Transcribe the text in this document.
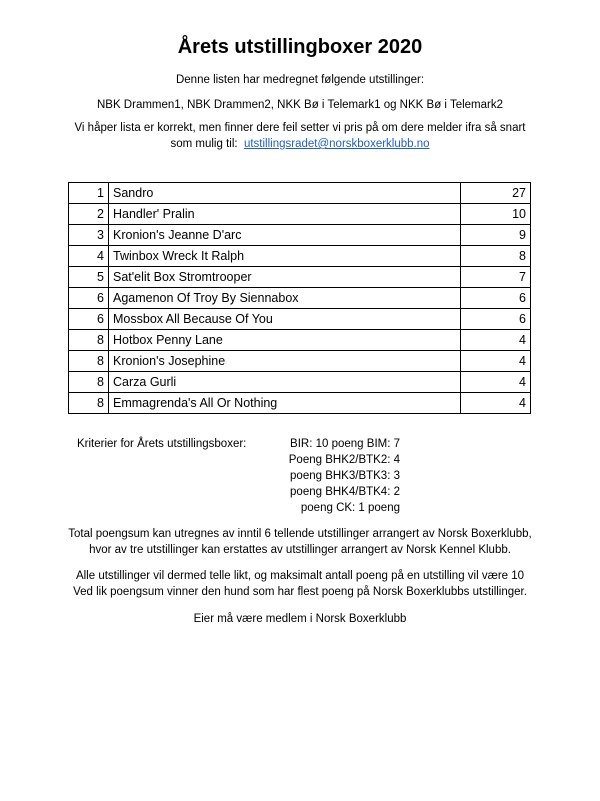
Årets utstillingboxer 2020
Denne listen har medregnet følgende utstillinger:
NBK Drammen1, NBK Drammen2, NKK Bø i Telemark1 og NKK Bø i Telemark2
Vi håper lista er korrekt, men finner dere feil setter vi pris på om dere melder ifra så snart
som mulig til: utstillingsradet@norskboxerklubb.no
1	Sandro	27
2	Handler' Pralin	10
3	Kronion's Jeanne D'arc	9
4	Twinbox Wreck It Ralph	8
5	Sat'elit Box Stromtrooper	7
6	Agamenon Of Troy By Siennabox	6
6	Mossbox All Because Of You	6
8	Hotbox Penny Lane	4
8	Kronion's Josephine	4
8	Carza Gurli	4
8	Emmagrenda's All Or Nothing	4
Kriterier for Årets utstillingsboxer:	BIR: 10 poeng BIM: 7
Poeng BHK2/BTK2: 4
poeng BHK3/BTK3: 3
poeng BHK4/BTK4: 2
poeng CK: 1 poeng
Total poengsum kan utregnes av inntil 6 tellende utstillinger arrangert av Norsk Boxerklubb,
hvor av tre utstillinger kan erstattes av utstillinger arrangert av Norsk Kennel Klubb.
Alle utstillinger vil dermed telle likt, og maksimalt antall poeng på en utstilling vil være 10
Ved lik poengsum vinner den hund som har flest poeng på Norsk Boxerklubbs utstillinger.
Eier må være medlem i Norsk Boxerklubb
